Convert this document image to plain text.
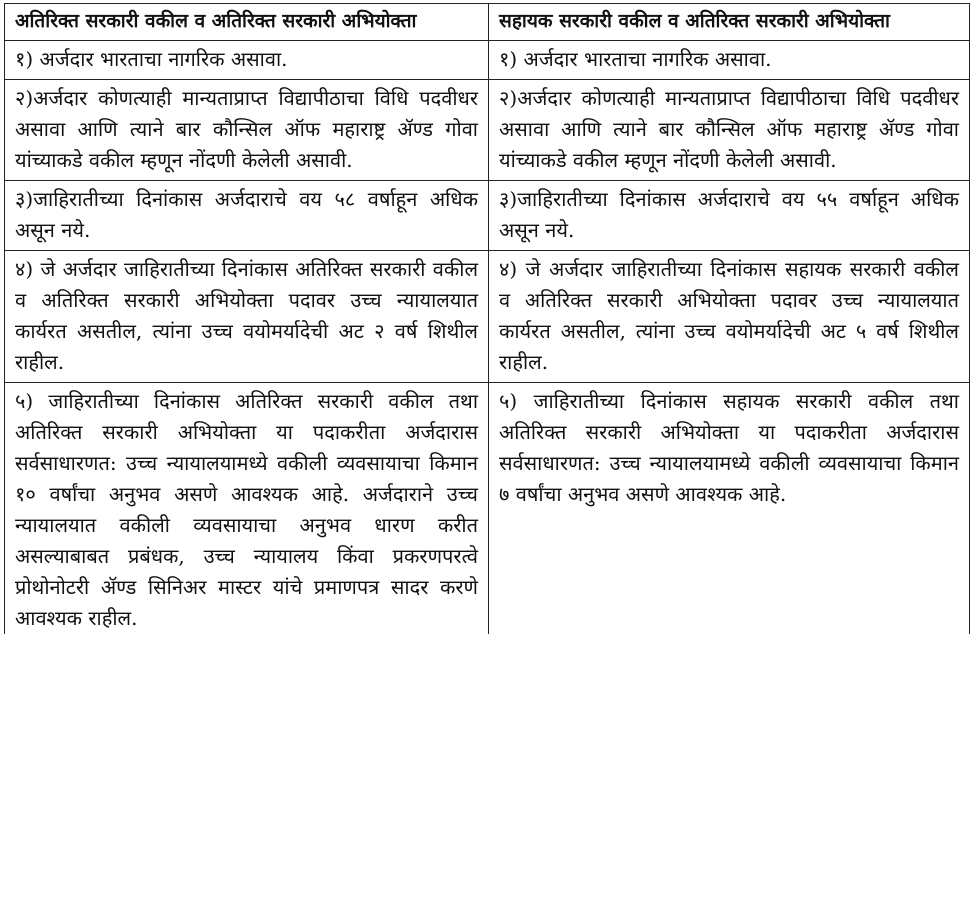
अतिरिक्त सरकारी वकील व अतिरिक्त सरकारी अभियोक्ता	सहायक सरकारी वकील व अतिरिक्त सरकारी अभियोक्ता
१) अर्जदार भारताचा नागरिक असावा.	१) अर्जदार भारताचा नागरिक असावा.
२)अर्जदार कोणत्याही मान्यताप्राप्त विद्यापीठाचा विधि पदवीधर असावा आणि त्याने बार कौन्सिल ऑफ महाराष्ट्र ॲण्ड गोवा यांच्याकडे वकील म्हणून नोंदणी केलेली असावी.	२)अर्जदार कोणत्याही मान्यताप्राप्त विद्यापीठाचा विधि पदवीधर असावा आणि त्याने बार कौन्सिल ऑफ महाराष्ट्र ॲण्ड गोवा यांच्याकडे वकील म्हणून नोंदणी केलेली असावी.
३)जाहिरातीच्या दिनांकास अर्जदाराचे वय ५८ वर्षाहून अधिक असून नये.	३)जाहिरातीच्या दिनांकास अर्जदाराचे वय ५५ वर्षाहून अधिक असून नये.
४) जे अर्जदार जाहिरातीच्या दिनांकास अतिरिक्त सरकारी वकील व अतिरिक्त सरकारी अभियोक्ता पदावर उच्च न्यायालयात कार्यरत असतील, त्यांना उच्च वयोमर्यादेची अट २ वर्ष शिथील राहील.	४) जे अर्जदार जाहिरातीच्या दिनांकास सहायक सरकारी वकील व अतिरिक्त सरकारी अभियोक्ता पदावर उच्च न्यायालयात कार्यरत असतील, त्यांना उच्च वयोमर्यादेची अट ५ वर्ष शिथील राहील.
५) जाहिरातीच्या दिनांकास अतिरिक्त सरकारी वकील तथा अतिरिक्त सरकारी अभियोक्ता या पदाकरीता अर्जदारास सर्वसाधारणत: उच्च न्यायालयामध्ये वकीली व्यवसायाचा किमान १० वर्षांचा अनुभव असणे आवश्यक आहे. अर्जदाराने उच्च न्यायालयात वकीली व्यवसायाचा अनुभव धारण करीत असल्याबाबत प्रबंधक, उच्च न्यायालय किंवा प्रकरणपरत्वे प्रोथोनोटरी ॲण्ड सिनिअर मास्टर यांचे प्रमाणपत्र सादर करणे आवश्यक राहील.	५) जाहिरातीच्या दिनांकास सहायक सरकारी वकील तथा अतिरिक्त सरकारी अभियोक्ता या पदाकरीता अर्जदारास सर्वसाधारणत: उच्च न्यायालयामध्ये वकीली व्यवसायाचा किमान ७ वर्षांचा अनुभव असणे आवश्यक आहे.
